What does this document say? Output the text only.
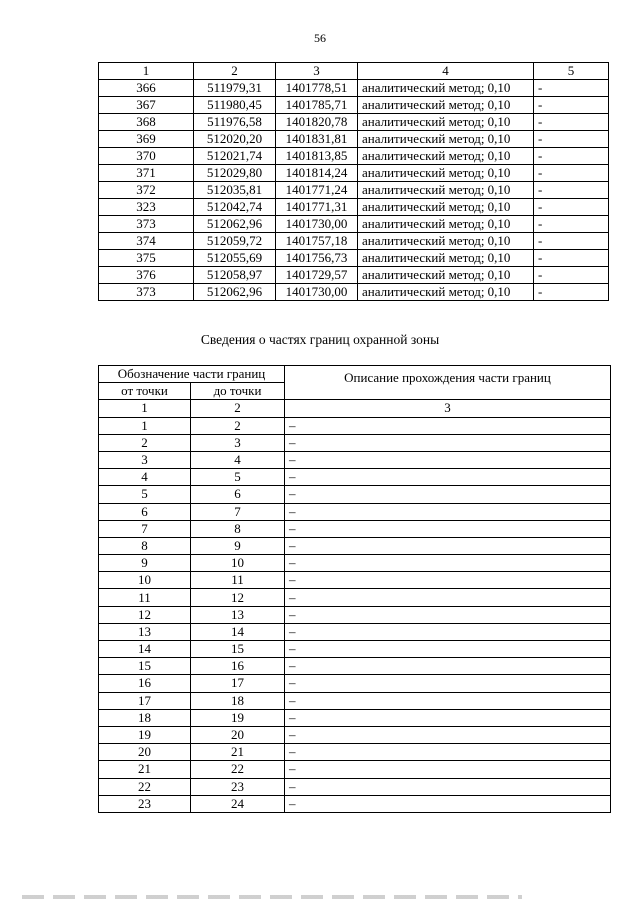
56
1	2	3	4	5
366	511979,31	1401778,51	аналитический метод; 0,10	-
367	511980,45	1401785,71	аналитический метод; 0,10	-
368	511976,58	1401820,78	аналитический метод; 0,10	-
369	512020,20	1401831,81	аналитический метод; 0,10	-
370	512021,74	1401813,85	аналитический метод; 0,10	-
371	512029,80	1401814,24	аналитический метод; 0,10	-
372	512035,81	1401771,24	аналитический метод; 0,10	-
323	512042,74	1401771,31	аналитический метод; 0,10	-
373	512062,96	1401730,00	аналитический метод; 0,10	-
374	512059,72	1401757,18	аналитический метод; 0,10	-
375	512055,69	1401756,73	аналитический метод; 0,10	-
376	512058,97	1401729,57	аналитический метод; 0,10	-
373	512062,96	1401730,00	аналитический метод; 0,10	-
Сведения о частях границ охранной зоны
Обозначение части границ		Описание прохождения части границ
от точки	до точки	
1	2	3
1	2	–
2	3	–
3	4	–
4	5	–
5	6	–
6	7	–
7	8	–
8	9	–
9	10	–
10	11	–
11	12	–
12	13	–
13	14	–
14	15	–
15	16	–
16	17	–
17	18	–
18	19	–
19	20	–
20	21	–
21	22	–
22	23	–
23	24	–
